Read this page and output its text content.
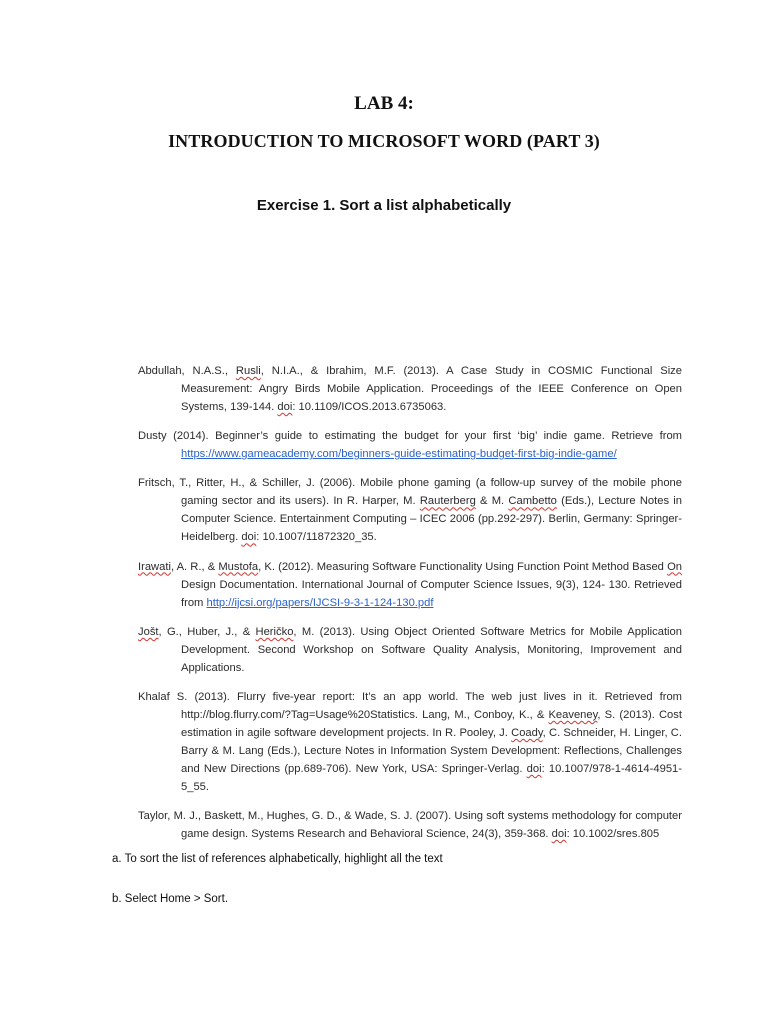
LAB 4:
INTRODUCTION TO MICROSOFT WORD (PART 3)
Exercise 1. Sort a list alphabetically

Abdullah, N.A.S., Rusli, N.I.A., & Ibrahim, M.F. (2013). A Case Study in COSMIC Functional Size Measurement: Angry Birds Mobile Application. Proceedings of the IEEE Conference on Open Systems, 139-144. doi: 10.1109/ICOS.2013.6735063.

Dusty (2014). Beginner’s guide to estimating the budget for your first ‘big’ indie game. Retrieve from https://www.gameacademy.com/beginners-guide-estimating-budget-first-big-indie-game/

Fritsch, T., Ritter, H., & Schiller, J. (2006). Mobile phone gaming (a follow-up survey of the mobile phone gaming sector and its users). In R. Harper, M. Rauterberg & M. Cambetto (Eds.), Lecture Notes in Computer Science. Entertainment Computing – ICEC 2006 (pp.292-297). Berlin, Germany: Springer-Heidelberg. doi: 10.1007/11872320_35.

Irawati, A. R., & Mustofa, K. (2012). Measuring Software Functionality Using Function Point Method Based On Design Documentation. International Journal of Computer Science Issues, 9(3), 124- 130. Retrieved from http://ijcsi.org/papers/IJCSI-9-3-1-124-130.pdf

Jošt, G., Huber, J., & Heričko, M. (2013). Using Object Oriented Software Metrics for Mobile Application Development. Second Workshop on Software Quality Analysis, Monitoring, Improvement and Applications.

Khalaf S. (2013). Flurry five-year report: It’s an app world. The web just lives in it. Retrieved from http://blog.flurry.com/?Tag=Usage%20Statistics. Lang, M., Conboy, K., & Keaveney, S. (2013). Cost estimation in agile software development projects. In R. Pooley, J. Coady, C. Schneider, H. Linger, C. Barry & M. Lang (Eds.), Lecture Notes in Information System Development: Reflections, Challenges and New Directions (pp.689-706). New York, USA: Springer-Verlag. doi: 10.1007/978-1-4614-4951-5_55.

Taylor, M. J., Baskett, M., Hughes, G. D., & Wade, S. J. (2007). Using soft systems methodology for computer game design. Systems Research and Behavioral Science, 24(3), 359-368. doi: 10.1002/sres.805

a. To sort the list of references alphabetically, highlight all the text
b. Select Home > Sort.
